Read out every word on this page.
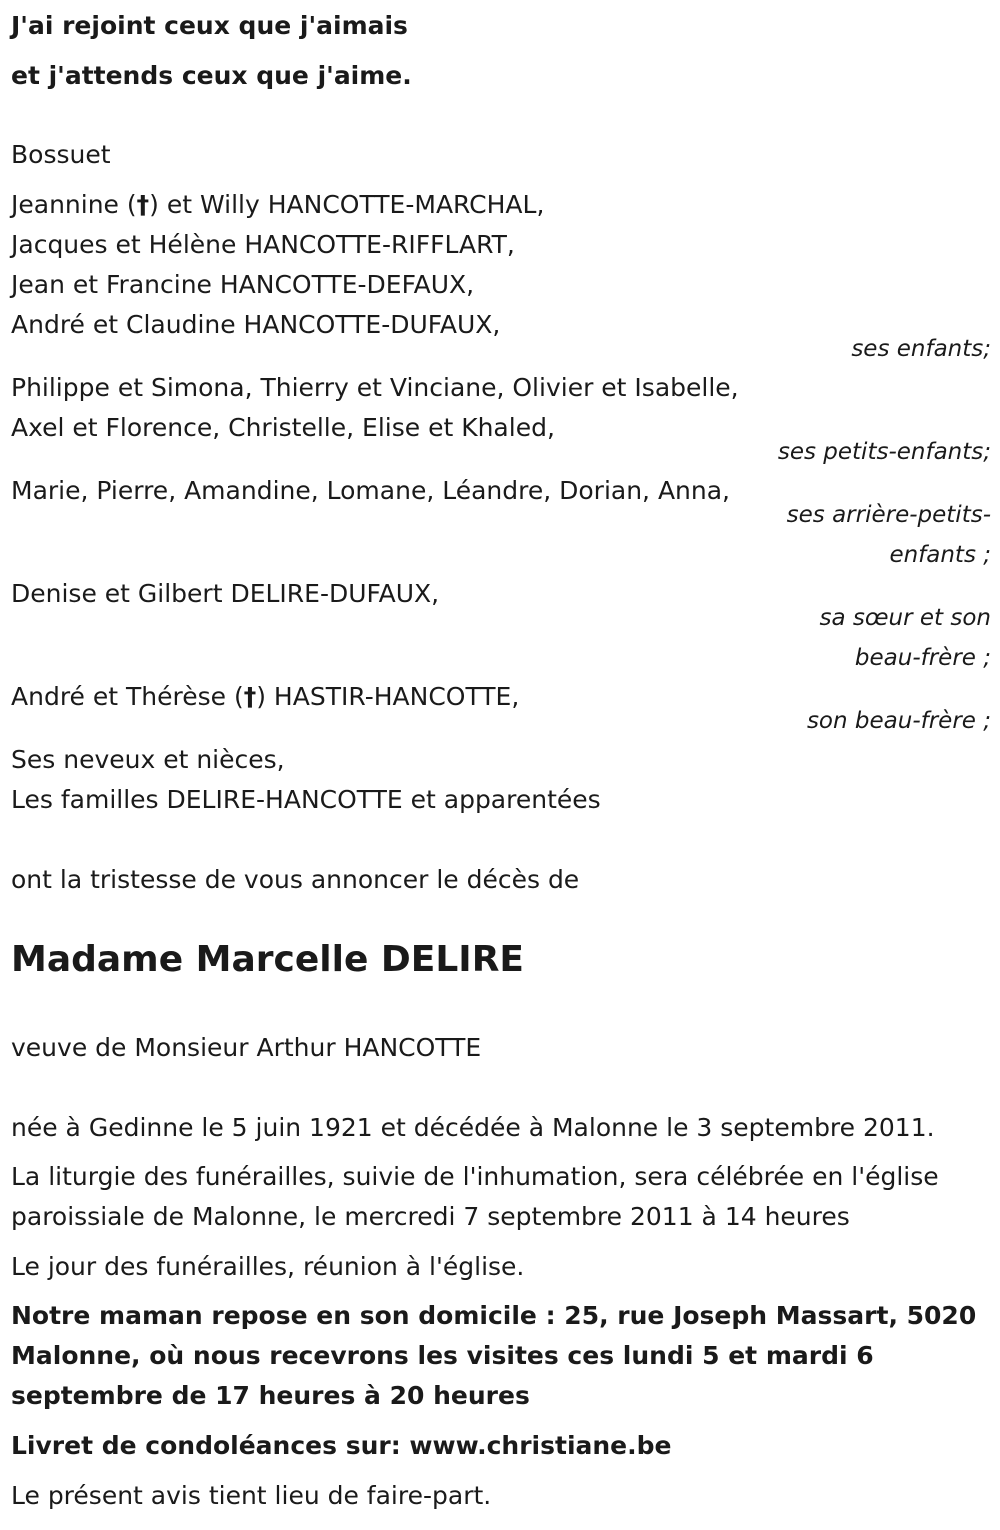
J'ai rejoint ceux que j'aimais
et j'attends ceux que j'aime.
Bossuet
Jeannine (†) et Willy HANCOTTE-MARCHAL,
Jacques et Hélène HANCOTTE-RIFFLART,
Jean et Francine HANCOTTE-DEFAUX,
André et Claudine HANCOTTE-DUFAUX,
ses enfants;
Philippe et Simona, Thierry et Vinciane, Olivier et Isabelle,
Axel et Florence, Christelle, Elise et Khaled,
ses petits-enfants;
Marie, Pierre, Amandine, Lomane, Léandre, Dorian, Anna,
ses arrière-petits-
enfants ;
Denise et Gilbert DELIRE-DUFAUX,
sa sœur et son
beau-frère ;
André et Thérèse (†) HASTIR-HANCOTTE,
son beau-frère ;
Ses neveux et nièces,
Les familles DELIRE-HANCOTTE et apparentées
ont la tristesse de vous annoncer le décès de
Madame Marcelle DELIRE
veuve de Monsieur Arthur HANCOTTE
née à Gedinne le 5 juin 1921 et décédée à Malonne le 3 septembre 2011.
La liturgie des funérailles, suivie de l'inhumation, sera célébrée en l'église
paroissiale de Malonne, le mercredi 7 septembre 2011 à 14 heures
Le jour des funérailles, réunion à l'église.
Notre maman repose en son domicile : 25, rue Joseph Massart, 5020
Malonne, où nous recevrons les visites ces lundi 5 et mardi 6
septembre de 17 heures à 20 heures
Livret de condoléances sur: www.christiane.be
Le présent avis tient lieu de faire-part.
